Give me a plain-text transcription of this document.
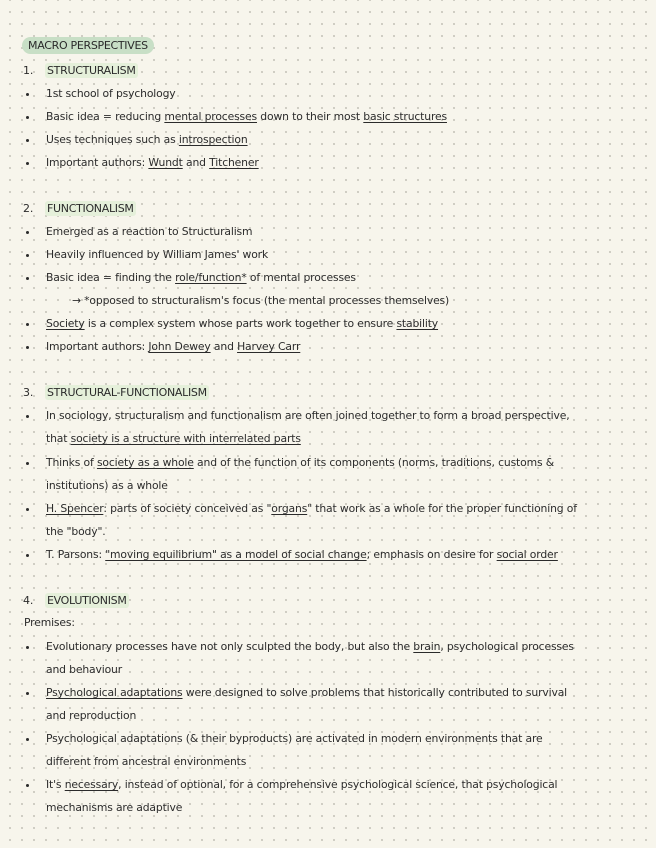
MACRO PERSPECTIVES
1. STRUCTURALISM
1st school of psychology
Basic idea = reducing mental processes down to their most basic structures
Uses techniques such as introspection
Important authors: Wundt and Titchener
2. FUNCTIONALISM
Emerged as a reaction to Structuralism
Heavily influenced by William James' work
Basic idea = finding the role/function* of mental processes
→ *opposed to structuralism's focus (the mental processes themselves)
Society is a complex system whose parts work together to ensure stability
Important authors: John Dewey and Harvey Carr
3. STRUCTURAL-FUNCTIONALISM
In sociology, structuralism and functionalism are often joined together to form a broad perspective,
that society is a structure with interrelated parts
Thinks of society as a whole and of the function of its components (norms, traditions, customs &
institutions) as a whole
H. Spencer: parts of society conceived as "organs" that work as a whole for the proper functioning of
the "body".
T. Parsons: "moving equilibrium" as a model of social change; emphasis on desire for social order
4. EVOLUTIONISM
Premises:
Evolutionary processes have not only sculpted the body, but also the brain, psychological processes
and behaviour
Psychological adaptations were designed to solve problems that historically contributed to survival
and reproduction
Psychological adaptations (& their byproducts) are activated in modern environments that are
different from ancestral environments
It's necessary, instead of optional, for a comprehensive psychological science, that psychological
mechanisms are adaptive
